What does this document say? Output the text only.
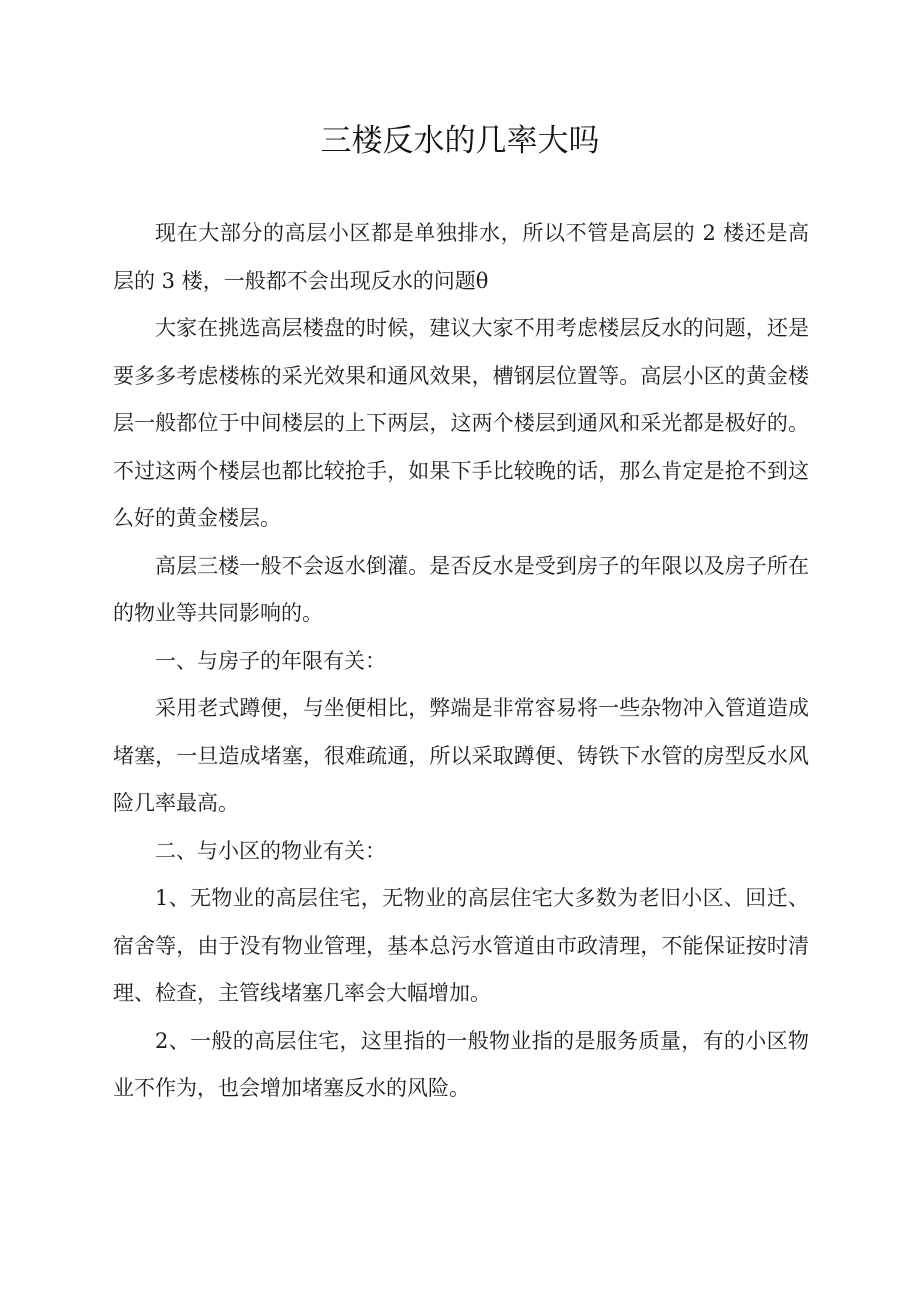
三楼反水的几率大吗

现在大部分的高层小区都是单独排水，所以不管是高层的 2 楼还是高层的 3 楼，一般都不会出现反水的问题θ

大家在挑选高层楼盘的时候，建议大家不用考虑楼层反水的问题，还是要多多考虑楼栋的采光效果和通风效果，槽钢层位置等。高层小区的黄金楼层一般都位于中间楼层的上下两层，这两个楼层到通风和采光都是极好的。不过这两个楼层也都比较抢手，如果下手比较晚的话，那么肯定是抢不到这么好的黄金楼层。

高层三楼一般不会返水倒灌。是否反水是受到房子的年限以及房子所在的物业等共同影响的。

一、与房子的年限有关：

采用老式蹲便，与坐便相比，弊端是非常容易将一些杂物冲入管道造成堵塞，一旦造成堵塞，很难疏通，所以采取蹲便、铸铁下水管的房型反水风险几率最高。

二、与小区的物业有关：

1、无物业的高层住宅，无物业的高层住宅大多数为老旧小区、回迁、宿舍等，由于没有物业管理，基本总污水管道由市政清理，不能保证按时清理、检查，主管线堵塞几率会大幅增加。

2、一般的高层住宅，这里指的一般物业指的是服务质量，有的小区物业不作为，也会增加堵塞反水的风险。
